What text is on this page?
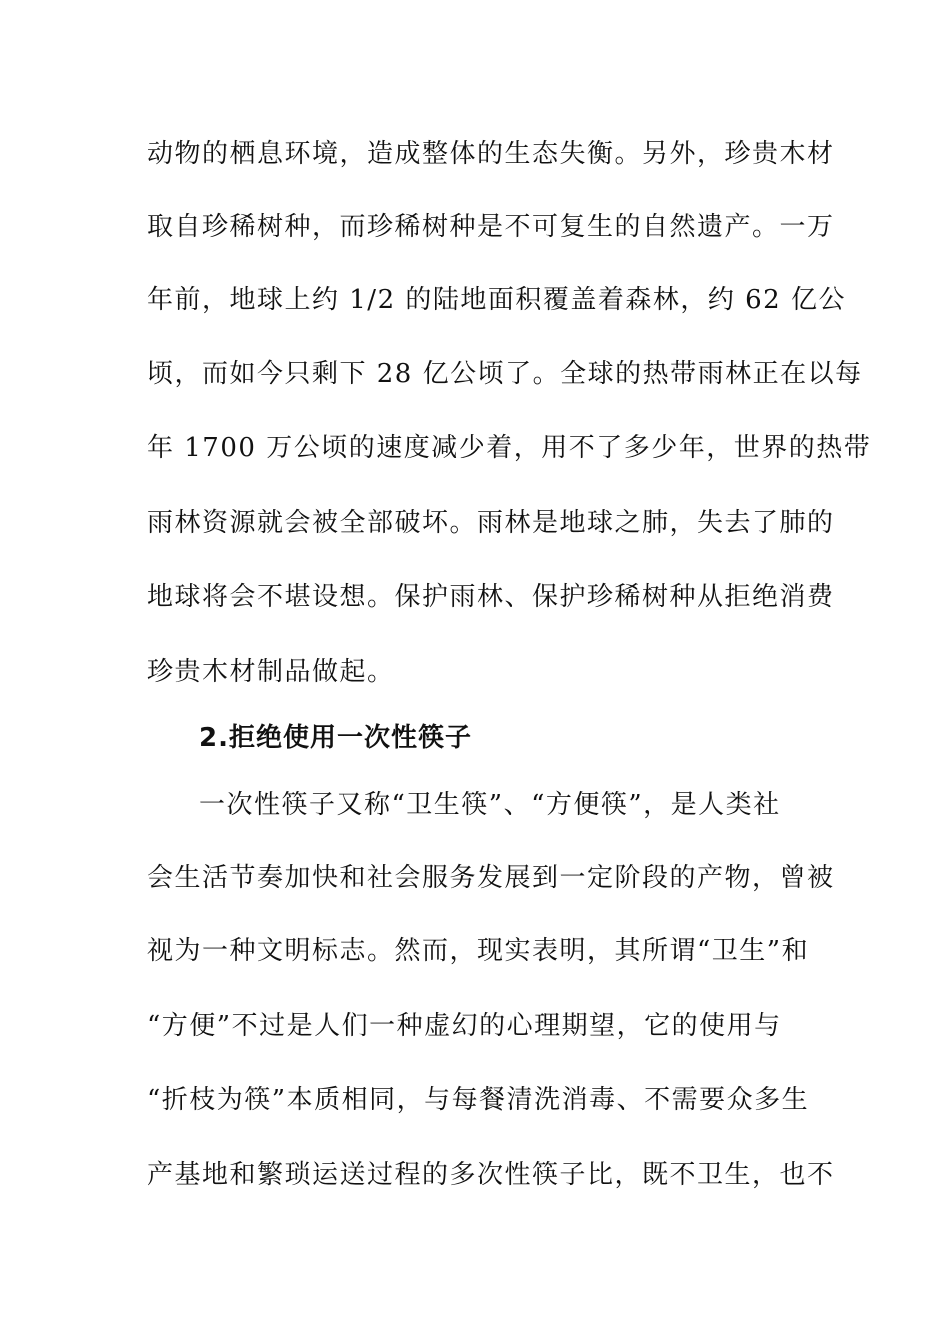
动物的栖息环境，造成整体的生态失衡。另外，珍贵木材
取自珍稀树种，而珍稀树种是不可复生的自然遗产。一万
年前，地球上约 1/2 的陆地面积覆盖着森林，约 62 亿公
顷，而如今只剩下 28 亿公顷了。全球的热带雨林正在以每
年 1700 万公顷的速度减少着，用不了多少年，世界的热带
雨林资源就会被全部破坏。雨林是地球之肺，失去了肺的
地球将会不堪设想。保护雨林、保护珍稀树种从拒绝消费
珍贵木材制品做起。
2.拒绝使用一次性筷子
一次性筷子又称“卫生筷”、“方便筷”，是人类社
会生活节奏加快和社会服务发展到一定阶段的产物，曾被
视为一种文明标志。然而，现实表明，其所谓“卫生”和
“方便”不过是人们一种虚幻的心理期望，它的使用与
“折枝为筷”本质相同，与每餐清洗消毒、不需要众多生
产基地和繁琐运送过程的多次性筷子比，既不卫生，也不
